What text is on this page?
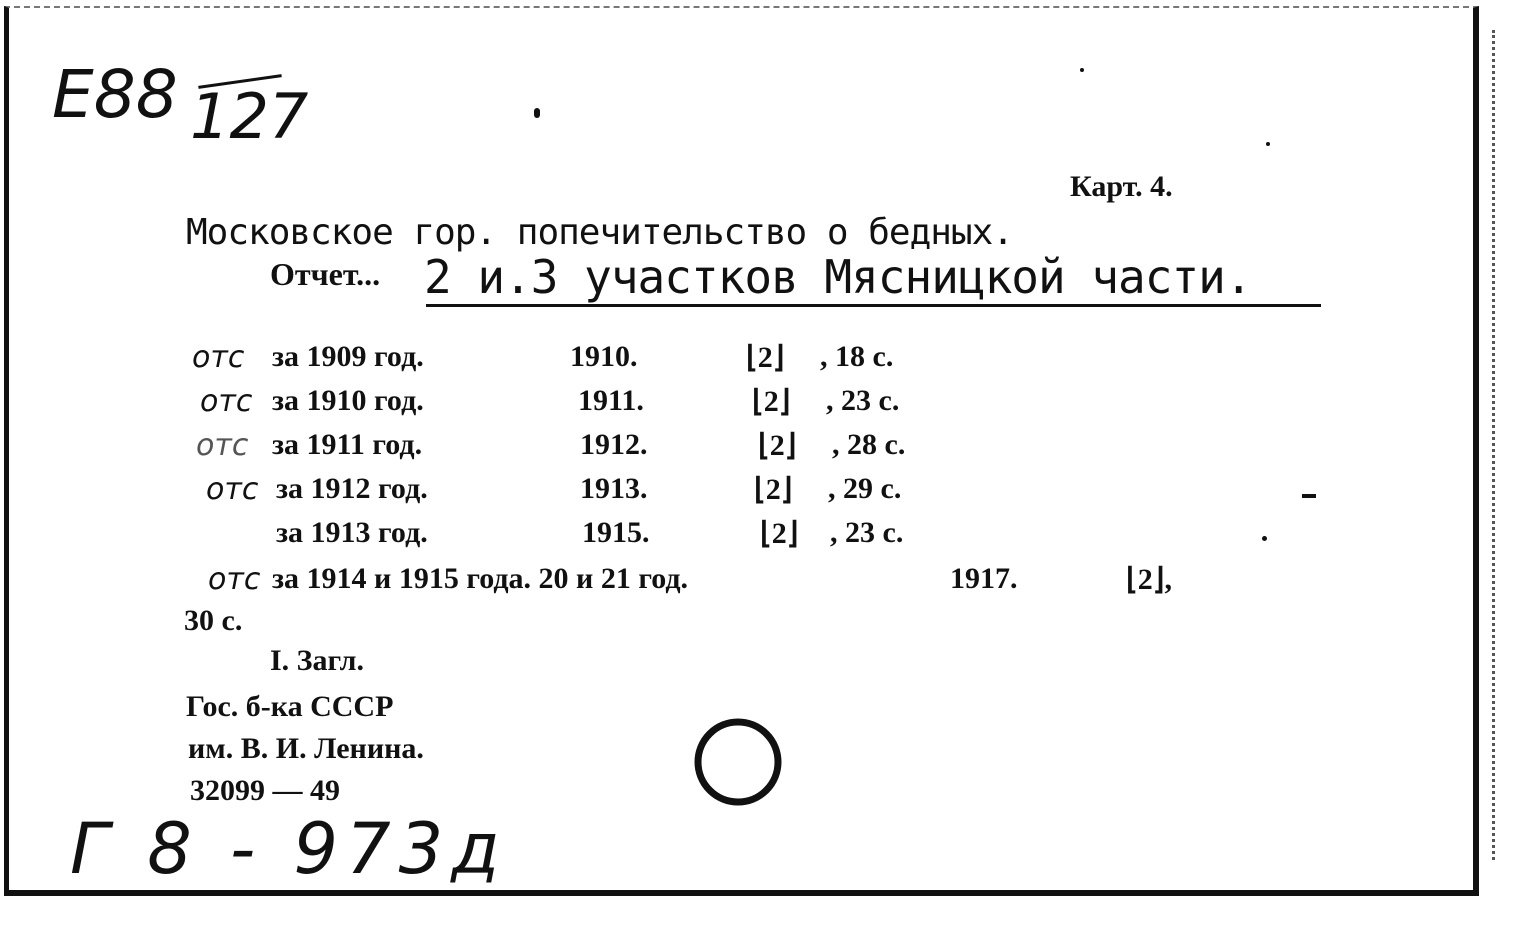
E88 127
Карт. 4.
Московское гор. попечительство о бедных.
Отчет... 2 и.3 участков Мясницкой части.
отс за 1909 год.	1910.	⌊2⌋ , 18 с.
отс за 1910 год.	1911.	⌊2⌋ , 23 с.
отс за 1911 год.	1912.	⌊2⌋ , 28 с.
отс за 1912 год.	1913.	⌊2⌋ , 29 с.
за 1913 год.	1915.	⌊2⌋ , 23 с.
отс за 1914 и 1915 года. 20 и 21 год.	1917.	⌊2⌋,
30 с.
I. Загл.
Гос. б-ка СССР
им. В. И. Ленина.
32099 — 49
Г 8 - 973д
